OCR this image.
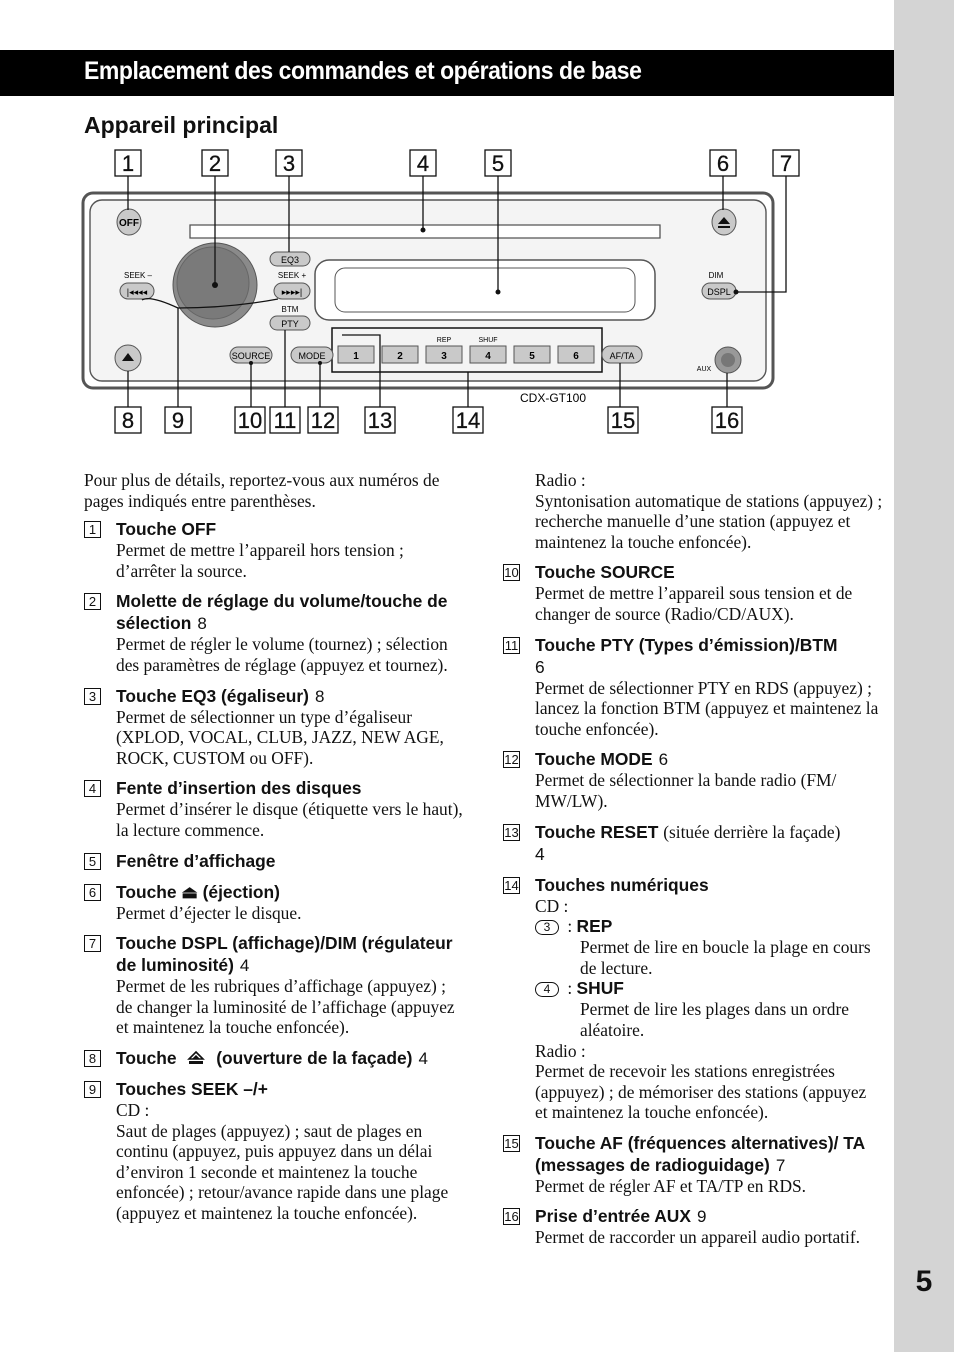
5
Emplacement des commandes et opérations de base
Appareil principal
1	2	3	4	5	6 7
8 9 10 11 12 13	14	15	16
OFF
EQ3
SEEK –
|◂◂◂◂
SEEK +
▸▸▸▸|
BTM
PTY
SOURCE	MODE	1	2	3	4	5	6
REP	SHUF
AF/TA
DIM
DSPL
AUX
CDX-GT100

Pour plus de détails, reportez-vous aux numéros de pages indiqués entre parenthèses.

1 Touche OFF
Permet de mettre l’appareil hors tension ; d’arrêter la source.
2 Molette de réglage du volume/touche de sélection 8
Permet de régler le volume (tournez) ; sélection des paramètres de réglage (appuyez et tournez).
3 Touche EQ3 (égaliseur) 8
Permet de sélectionner un type d’égaliseur (XPLOD, VOCAL, CLUB, JAZZ, NEW AGE, ROCK, CUSTOM ou OFF).
4 Fente d’insertion des disques
Permet d’insérer le disque (étiquette vers le haut), la lecture commence.
5 Fenêtre d’affichage
6 Touche ⏏ (éjection)
Permet d’éjecter le disque.
7 Touche DSPL (affichage)/DIM (régulateur de luminosité) 4
Permet de les rubriques d’affichage (appuyez) ; de changer la luminosité de l’affichage (appuyez et maintenez la touche enfoncée).
8 Touche (ouverture de la façade) 4
9 Touches SEEK –/+
CD :
Saut de plages (appuyez) ; saut de plages en continu (appuyez, puis appuyez dans un délai d’environ 1 seconde et maintenez la touche enfoncée) ; retour/avance rapide dans une plage (appuyez et maintenez la touche enfoncée).
Radio :
Syntonisation automatique de stations (appuyez) ; recherche manuelle d’une station (appuyez et maintenez la touche enfoncée).
10 Touche SOURCE
Permet de mettre l’appareil sous tension et de changer de source (Radio/CD/AUX).
11 Touche PTY (Types d’émission)/BTM
6
Permet de sélectionner PTY en RDS (appuyez) ; lancez la fonction BTM (appuyez et maintenez la touche enfoncée).
12 Touche MODE 6
Permet de sélectionner la bande radio (FM/ MW/LW).
13 Touche RESET (située derrière la façade)
4
14 Touches numériques
CD :
3 : REP
Permet de lire en boucle la plage en cours de lecture.
4 : SHUF
Permet de lire les plages dans un ordre aléatoire.
Radio :
Permet de recevoir les stations enregistrées (appuyez) ; de mémoriser des stations (appuyez et maintenez la touche enfoncée).
15 Touche AF (fréquences alternatives)/ TA (messages de radioguidage) 7
Permet de régler AF et TA/TP en RDS.
16 Prise d’entrée AUX 9
Permet de raccorder un appareil audio portatif.
